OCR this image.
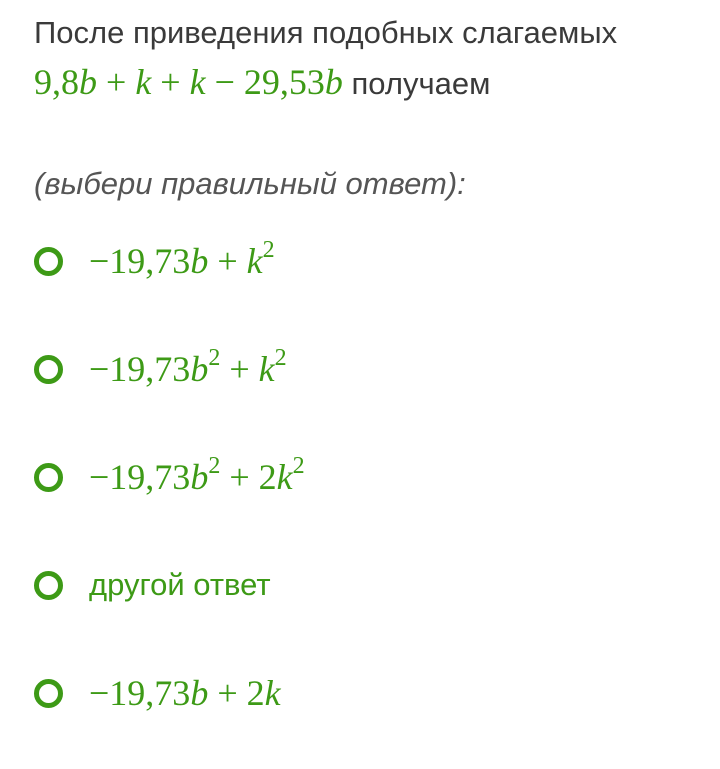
После приведения подобных слагаемых
9,8b + k + k − 29,53b получаем
(выбери правильный ответ):
$-19,73b + k^2$
$-19,73b^2 + k^2$
$-19,73b^2 + 2k^2$
другой ответ
−19,73b + 2k
